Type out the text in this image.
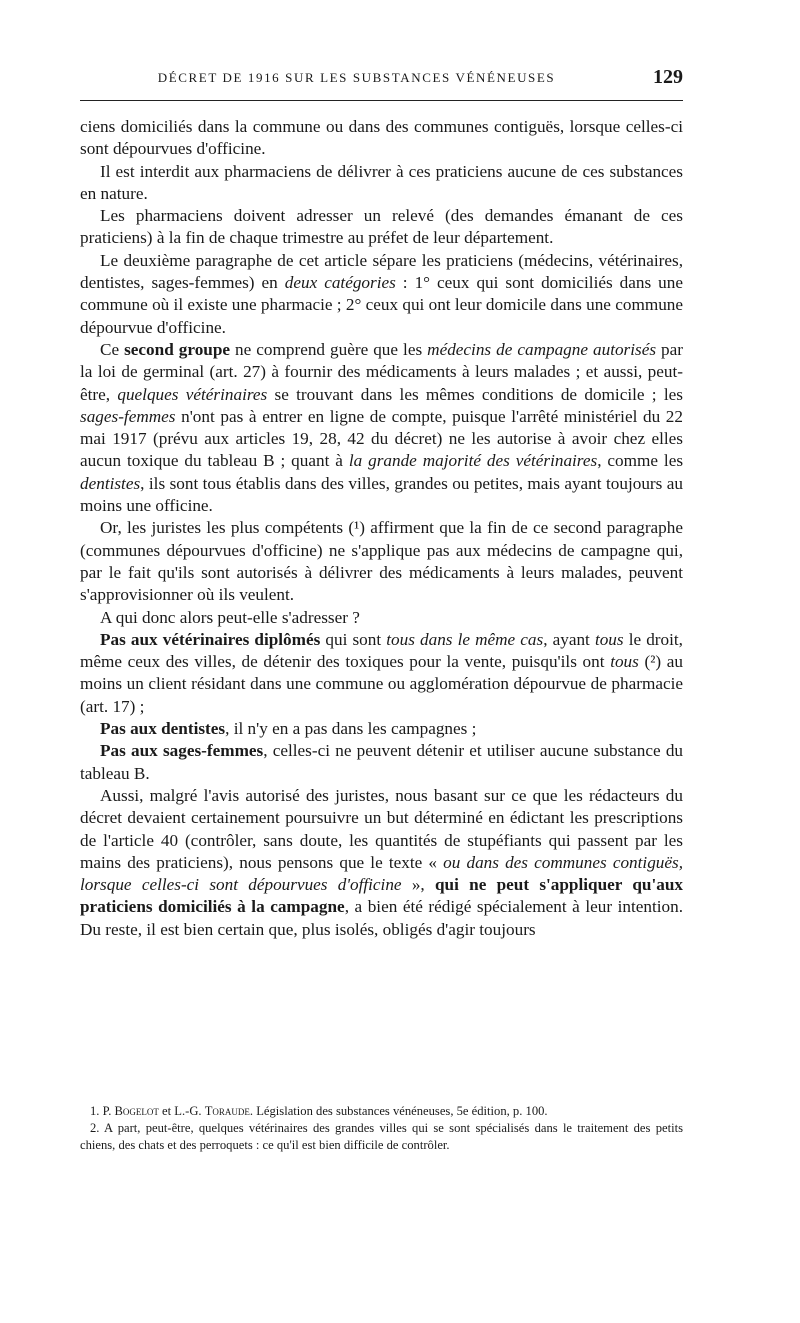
DÉCRET DE 1916 SUR LES SUBSTANCES VÉNÉNEUSES	129

ciens domiciliés dans la commune ou dans des communes contiguës, lorsque celles-ci sont dépourvues d'officine.

Il est interdit aux pharmaciens de délivrer à ces praticiens aucune de ces substances en nature.

Les pharmaciens doivent adresser un relevé (des demandes émanant de ces praticiens) à la fin de chaque trimestre au préfet de leur département.

Le deuxième paragraphe de cet article sépare les praticiens (médecins, vétérinaires, dentistes, sages-femmes) en deux catégories : 1° ceux qui sont domiciliés dans une commune où il existe une pharmacie ; 2° ceux qui ont leur domicile dans une commune dépourvue d'officine.

Ce second groupe ne comprend guère que les médecins de campagne autorisés par la loi de germinal (art. 27) à fournir des médicaments à leurs malades ; et aussi, peut-être, quelques vétérinaires se trouvant dans les mêmes conditions de domicile ; les sages-femmes n'ont pas à entrer en ligne de compte, puisque l'arrêté ministériel du 22 mai 1917 (prévu aux articles 19, 28, 42 du décret) ne les autorise à avoir chez elles aucun toxique du tableau B ; quant à la grande majorité des vétérinaires, comme les dentistes, ils sont tous établis dans des villes, grandes ou petites, mais ayant toujours au moins une officine.

Or, les juristes les plus compétents (¹) affirment que la fin de ce second paragraphe (communes dépourvues d'officine) ne s'applique pas aux médecins de campagne qui, par le fait qu'ils sont autorisés à délivrer des médicaments à leurs malades, peuvent s'approvisionner où ils veulent.

A qui donc alors peut-elle s'adresser ?

Pas aux vétérinaires diplômés qui sont tous dans le même cas, ayant tous le droit, même ceux des villes, de détenir des toxiques pour la vente, puisqu'ils ont tous (²) au moins un client résidant dans une commune ou agglomération dépourvue de pharmacie (art. 17) ;

Pas aux dentistes, il n'y en a pas dans les campagnes ;

Pas aux sages-femmes, celles-ci ne peuvent détenir et utiliser aucune substance du tableau B.

Aussi, malgré l'avis autorisé des juristes, nous basant sur ce que les rédacteurs du décret devaient certainement poursuivre un but déterminé en édictant les prescriptions de l'article 40 (contrôler, sans doute, les quantités de stupéfiants qui passent par les mains des praticiens), nous pensons que le texte « ou dans des communes contiguës, lorsque celles-ci sont dépourvues d'officine », qui ne peut s'appliquer qu'aux praticiens domiciliés à la campagne, a bien été rédigé spécialement à leur intention. Du reste, il est bien certain que, plus isolés, obligés d'agir toujours

1. P. Bogelot et L.-G. Toraude. Législation des substances vénéneuses, 5e édition, p. 100.

2. A part, peut-être, quelques vétérinaires des grandes villes qui se sont spécialisés dans le traitement des petits chiens, des chats et des perroquets : ce qu'il est bien difficile de contrôler.
